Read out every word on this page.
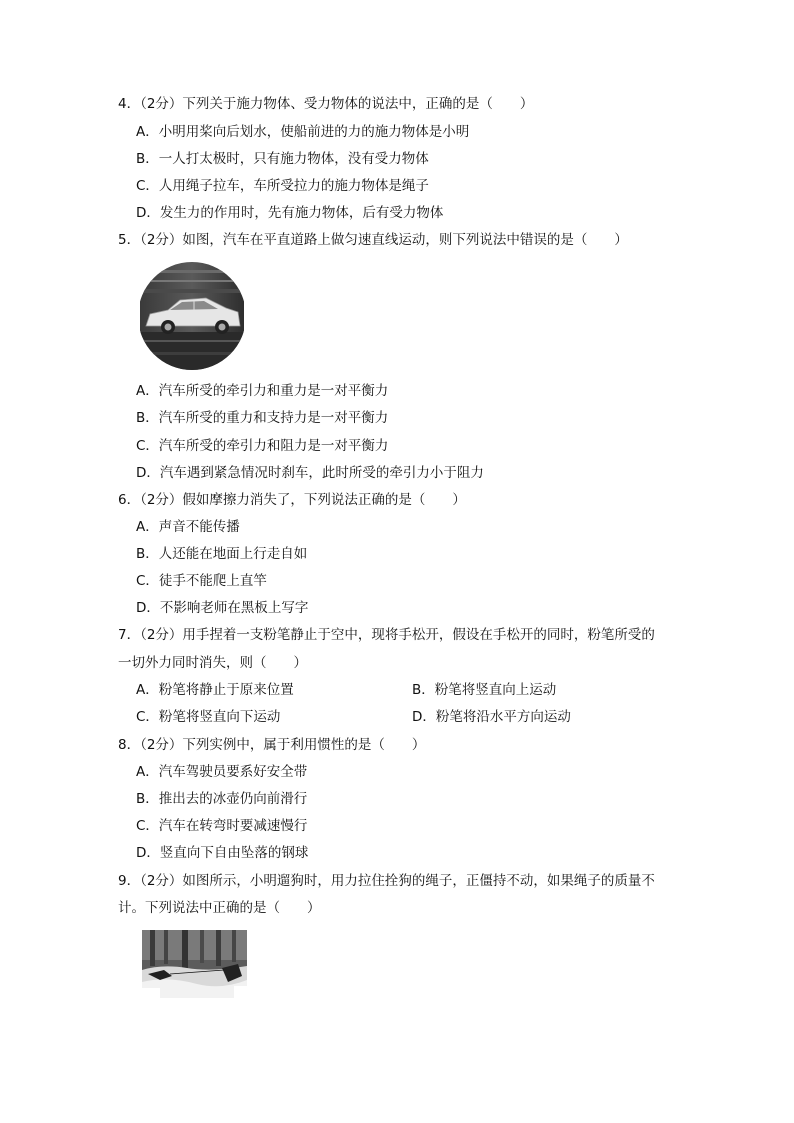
4．（2分）下列关于施力物体、受力物体的说法中，正确的是（　　）
A．小明用桨向后划水，使船前进的力的施力物体是小明
B．一人打太极时，只有施力物体，没有受力物体
C．人用绳子拉车，车所受拉力的施力物体是绳子
D．发生力的作用时，先有施力物体，后有受力物体
5．（2分）如图，汽车在平直道路上做匀速直线运动，则下列说法中错误的是（　　）
A．汽车所受的牵引力和重力是一对平衡力
B．汽车所受的重力和支持力是一对平衡力
C．汽车所受的牵引力和阻力是一对平衡力
D．汽车遇到紧急情况时刹车，此时所受的牵引力小于阻力
6．（2分）假如摩擦力消失了，下列说法正确的是（　　）
A．声音不能传播
B．人还能在地面上行走自如
C．徒手不能爬上直竿
D．不影响老师在黑板上写字
7．（2分）用手捏着一支粉笔静止于空中，现将手松开，假设在手松开的同时，粉笔所受的
一切外力同时消失，则（　　）
A．粉笔将静止于原来位置	B．粉笔将竖直向上运动
C．粉笔将竖直向下运动	D．粉笔将沿水平方向运动
8．（2分）下列实例中，属于利用惯性的是（　　）
A．汽车驾驶员要系好安全带
B．推出去的冰壶仍向前滑行
C．汽车在转弯时要减速慢行
D．竖直向下自由坠落的钢球
9．（2分）如图所示，小明遛狗时，用力拉住拴狗的绳子，正僵持不动，如果绳子的质量不
计。下列说法中正确的是（　　）
